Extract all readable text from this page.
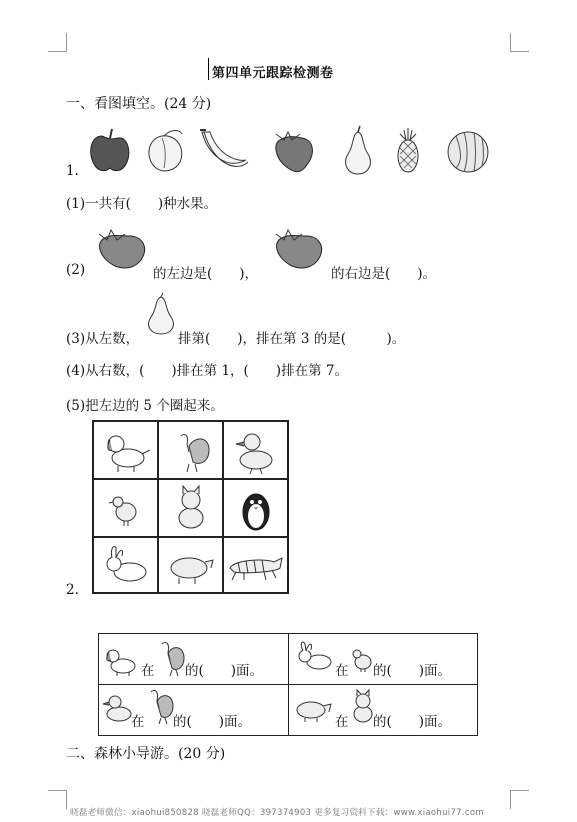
第四单元跟踪检测卷
一、看图填空。(24 分)
1.
(1)一共有(　　)种水果。
(2)	的左边是(　　)，	的右边是(　　)。
(3)从左数，	排第(　　)，排在第 3 的是(　　　)。
(4)从右数，(　　)排在第 1，(　　)排在第 7。
(5)把左边的 5 个圈起来。
2.
在 的(　　)面。	在 的(　　)面。
在 的(　　)面。	在 的(　　)面。
二、森林小导游。(20 分)
晓磊老师微信：xiaohui850828 晓磊老师QQ：397374903 更多复习资料下载：www.xiaohui77.com
